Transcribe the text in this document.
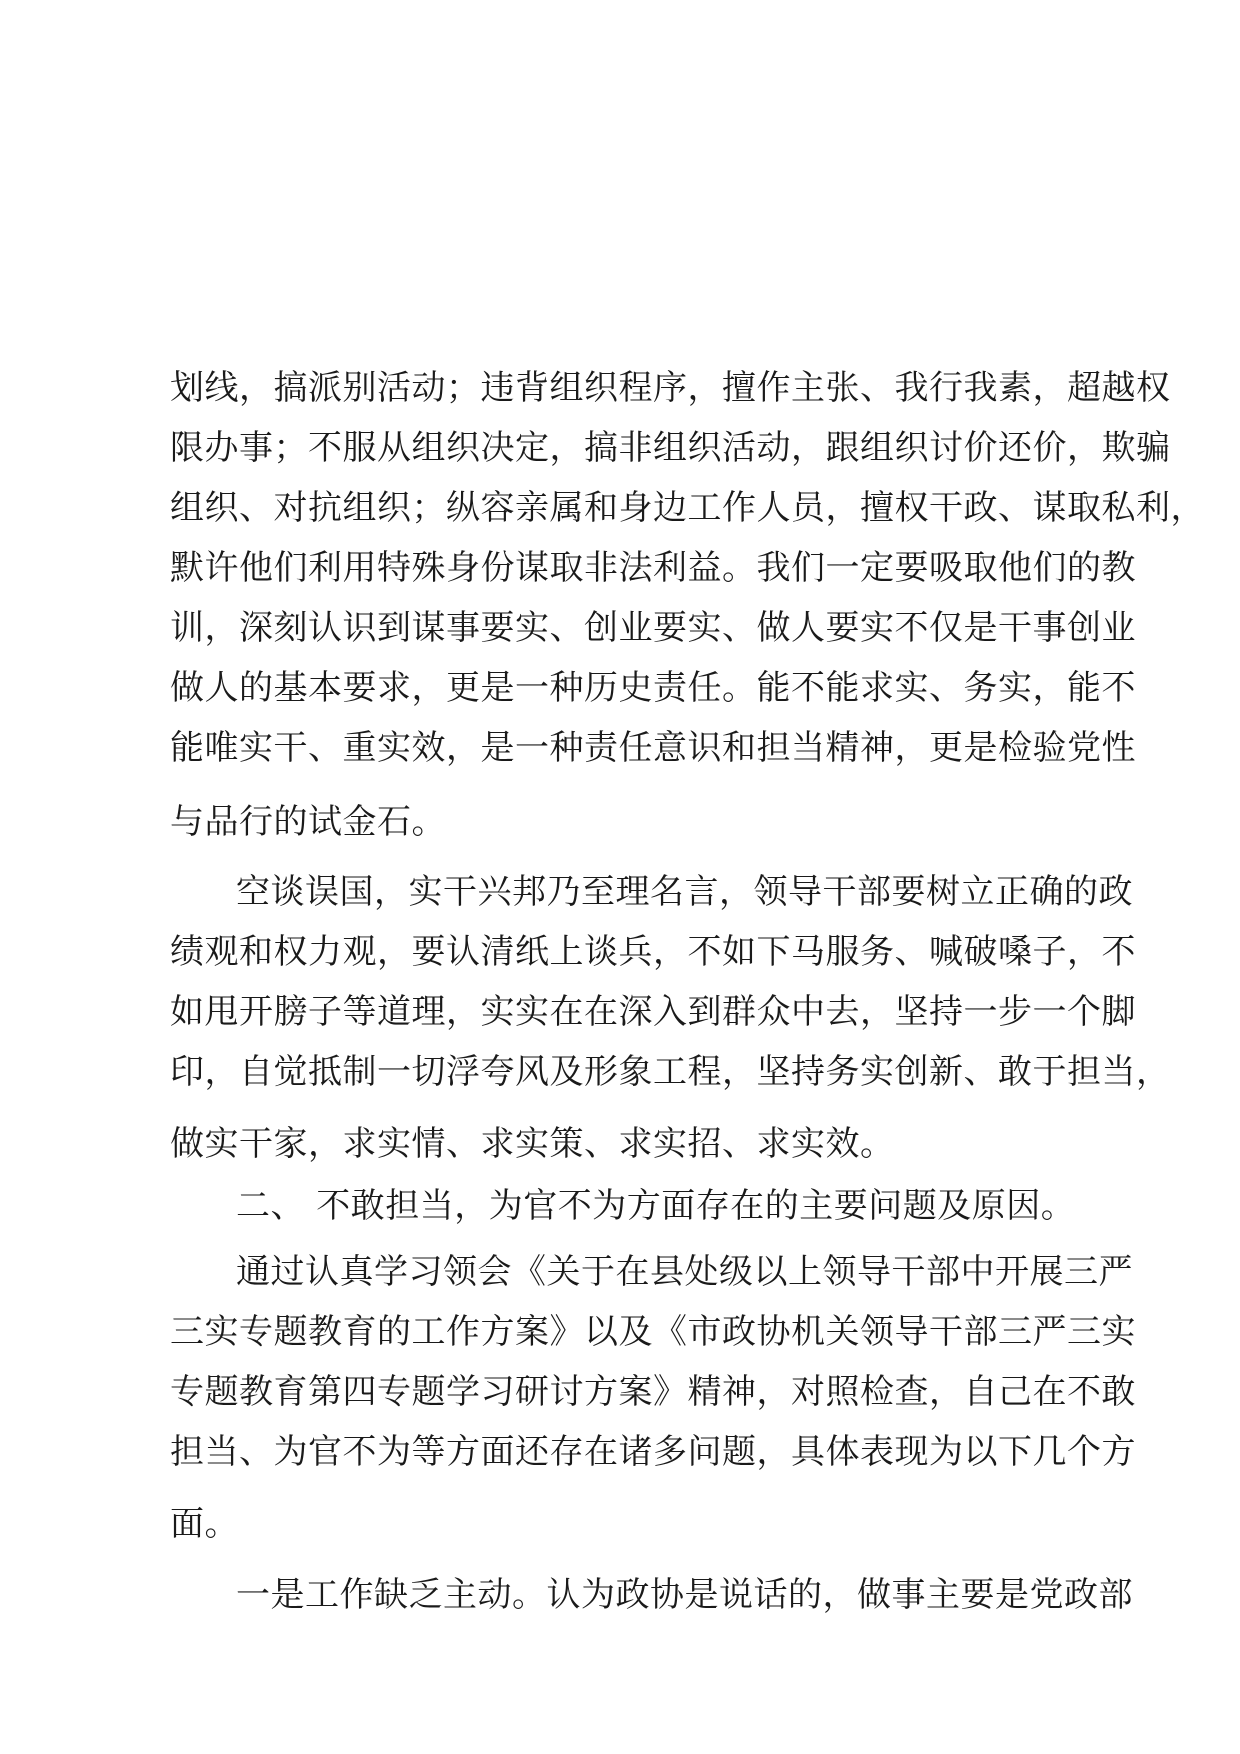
划线，搞派别活动；违背组织程序，擅作主张、我行我素，超越权
限办事；不服从组织决定，搞非组织活动，跟组织讨价还价，欺骗
组织、对抗组织；纵容亲属和身边工作人员，擅权干政、谋取私利，
默许他们利用特殊身份谋取非法利益。我们一定要吸取他们的教
训，深刻认识到谋事要实、创业要实、做人要实不仅是干事创业
做人的基本要求，更是一种历史责任。能不能求实、务实，能不
能唯实干、重实效，是一种责任意识和担当精神，更是检验党性
与品行的试金石。
空谈误国，实干兴邦乃至理名言，领导干部要树立正确的政
绩观和权力观，要认清纸上谈兵，不如下马服务、喊破嗓子，不
如甩开膀子等道理，实实在在深入到群众中去，坚持一步一个脚
印，自觉抵制一切浮夸风及形象工程，坚持务实创新、敢于担当，
做实干家，求实情、求实策、求实招、求实效。
二、 不敢担当，为官不为方面存在的主要问题及原因。
通过认真学习领会《关于在县处级以上领导干部中开展三严
三实专题教育的工作方案》以及《市政协机关领导干部三严三实
专题教育第四专题学习研讨方案》精神，对照检查，自己在不敢
担当、为官不为等方面还存在诸多问题，具体表现为以下几个方
面。
一是工作缺乏主动。认为政协是说话的，做事主要是党政部
